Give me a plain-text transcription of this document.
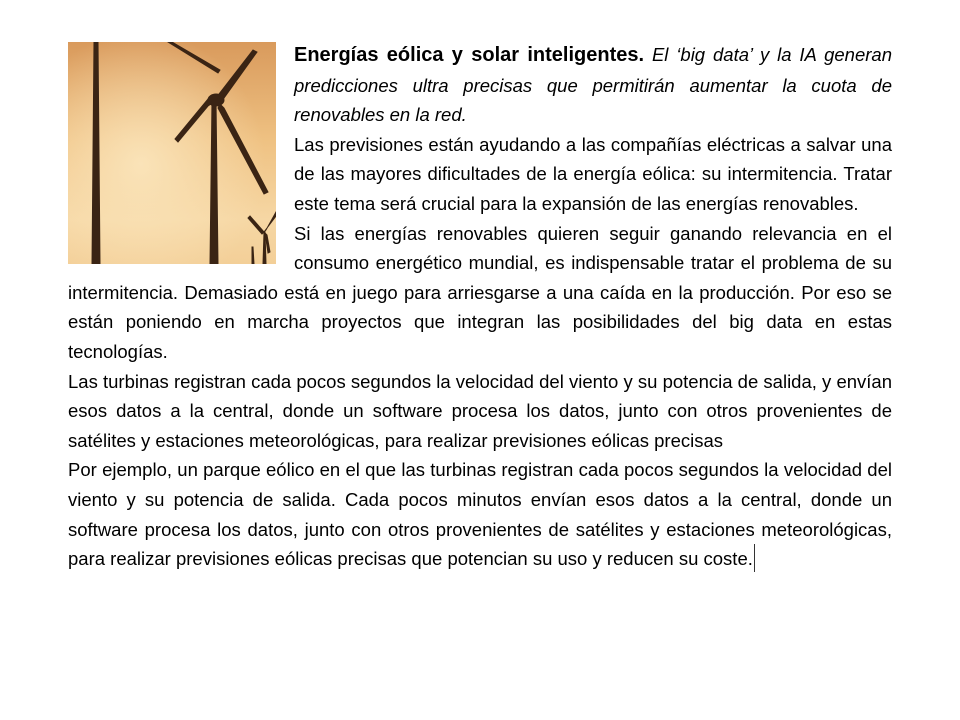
Energías eólica y solar inteligentes. El ‘big data’ y la IA generan predicciones ultra precisas que permitirán aumentar la cuota de renovables en la red.

Las previsiones están ayudando a las compañías eléctricas a salvar una de las mayores dificultades de la energía eólica: su intermitencia. Tratar este tema será crucial para la expansión de las energías renovables.

Si las energías renovables quieren seguir ganando relevancia en el consumo energético mundial, es indispensable tratar el problema de su intermitencia. Demasiado está en juego para arriesgarse a una caída en la producción. Por eso se están poniendo en marcha proyectos que integran las posibilidades del big data en estas tecnologías.

Las turbinas registran cada pocos segundos la velocidad del viento y su potencia de salida, y envían esos datos a la central, donde un software procesa los datos, junto con otros provenientes de satélites y estaciones meteorológicas, para realizar previsiones eólicas precisas

Por ejemplo, un parque eólico en el que las turbinas registran cada pocos segundos la velocidad del viento y su potencia de salida. Cada pocos minutos envían esos datos a la central, donde un software procesa los datos, junto con otros provenientes de satélites y estaciones meteorológicas, para realizar previsiones eólicas precisas que potencian su uso y reducen su coste.
